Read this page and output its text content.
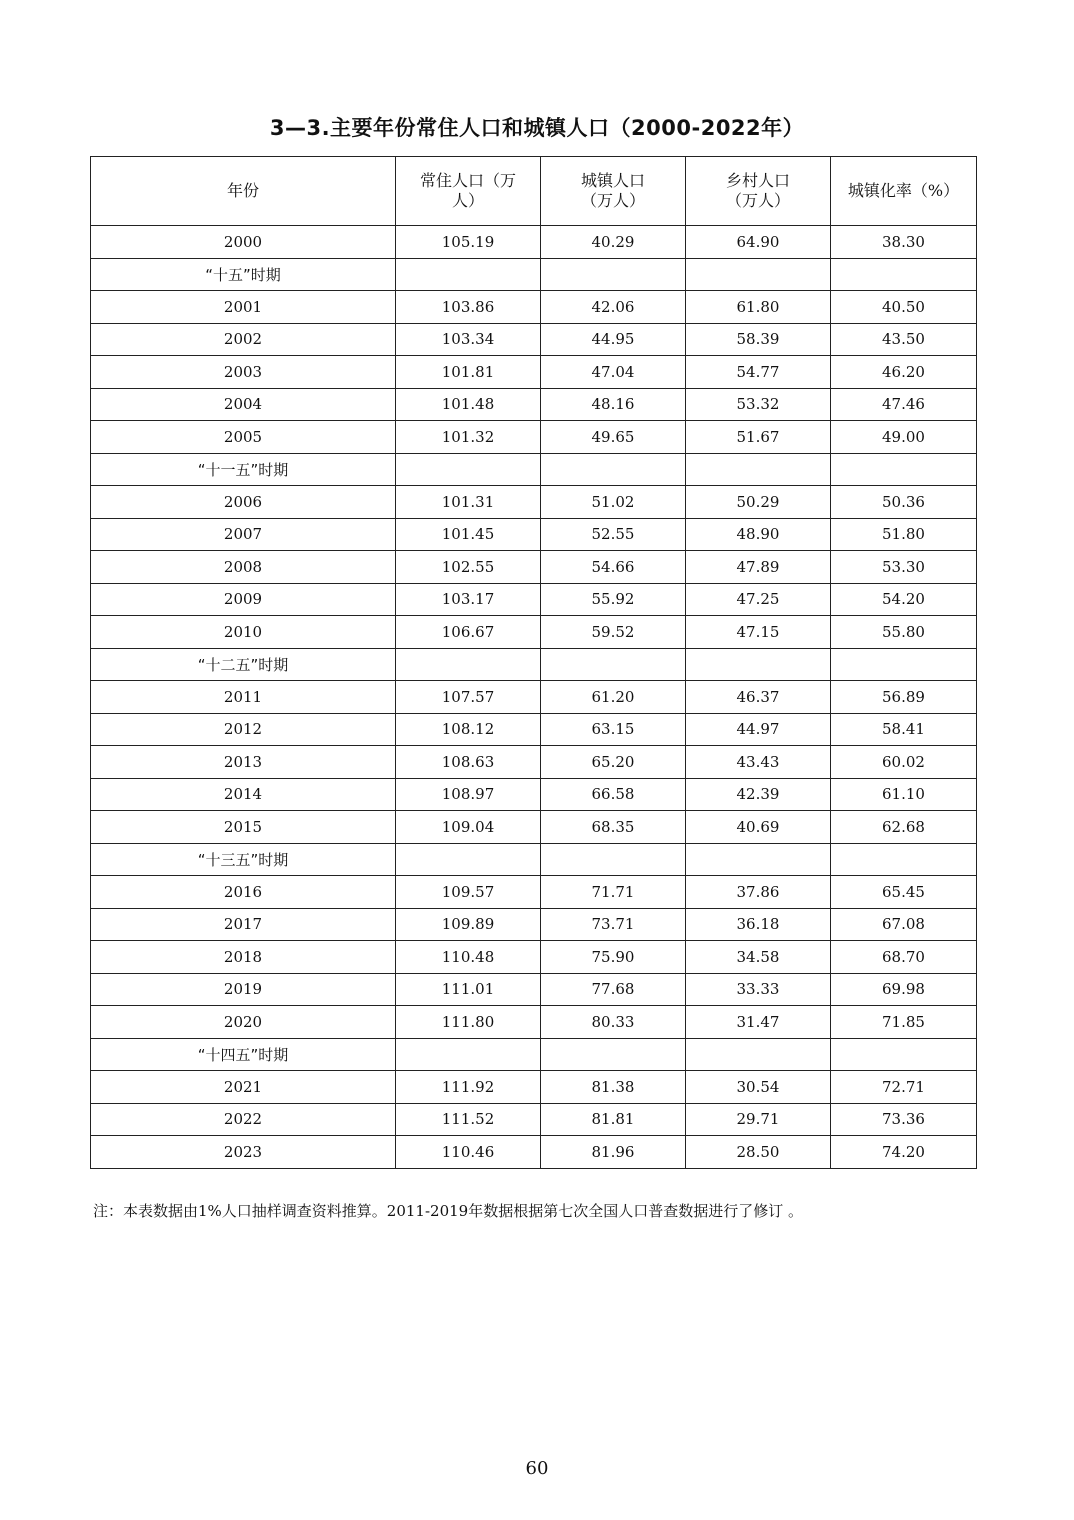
3—3.主要年份常住人口和城镇人口（2000-2022年）
年份	常住人口（万人）	城镇人口（万人）	乡村人口（万人）	城镇化率（%）
2000	105.19	40.29	64.90	38.30
“十五”时期				
2001	103.86	42.06	61.80	40.50
2002	103.34	44.95	58.39	43.50
2003	101.81	47.04	54.77	46.20
2004	101.48	48.16	53.32	47.46
2005	101.32	49.65	51.67	49.00
“十一五”时期				
2006	101.31	51.02	50.29	50.36
2007	101.45	52.55	48.90	51.80
2008	102.55	54.66	47.89	53.30
2009	103.17	55.92	47.25	54.20
2010	106.67	59.52	47.15	55.80
“十二五”时期				
2011	107.57	61.20	46.37	56.89
2012	108.12	63.15	44.97	58.41
2013	108.63	65.20	43.43	60.02
2014	108.97	66.58	42.39	61.10
2015	109.04	68.35	40.69	62.68
“十三五”时期				
2016	109.57	71.71	37.86	65.45
2017	109.89	73.71	36.18	67.08
2018	110.48	75.90	34.58	68.70
2019	111.01	77.68	33.33	69.98
2020	111.80	80.33	31.47	71.85
“十四五”时期				
2021	111.92	81.38	30.54	72.71
2022	111.52	81.81	29.71	73.36
2023	110.46	81.96	28.50	74.20
注：本表数据由1%人口抽样调查资料推算。2011-2019年数据根据第七次全国人口普查数据进行了修订 。
60
